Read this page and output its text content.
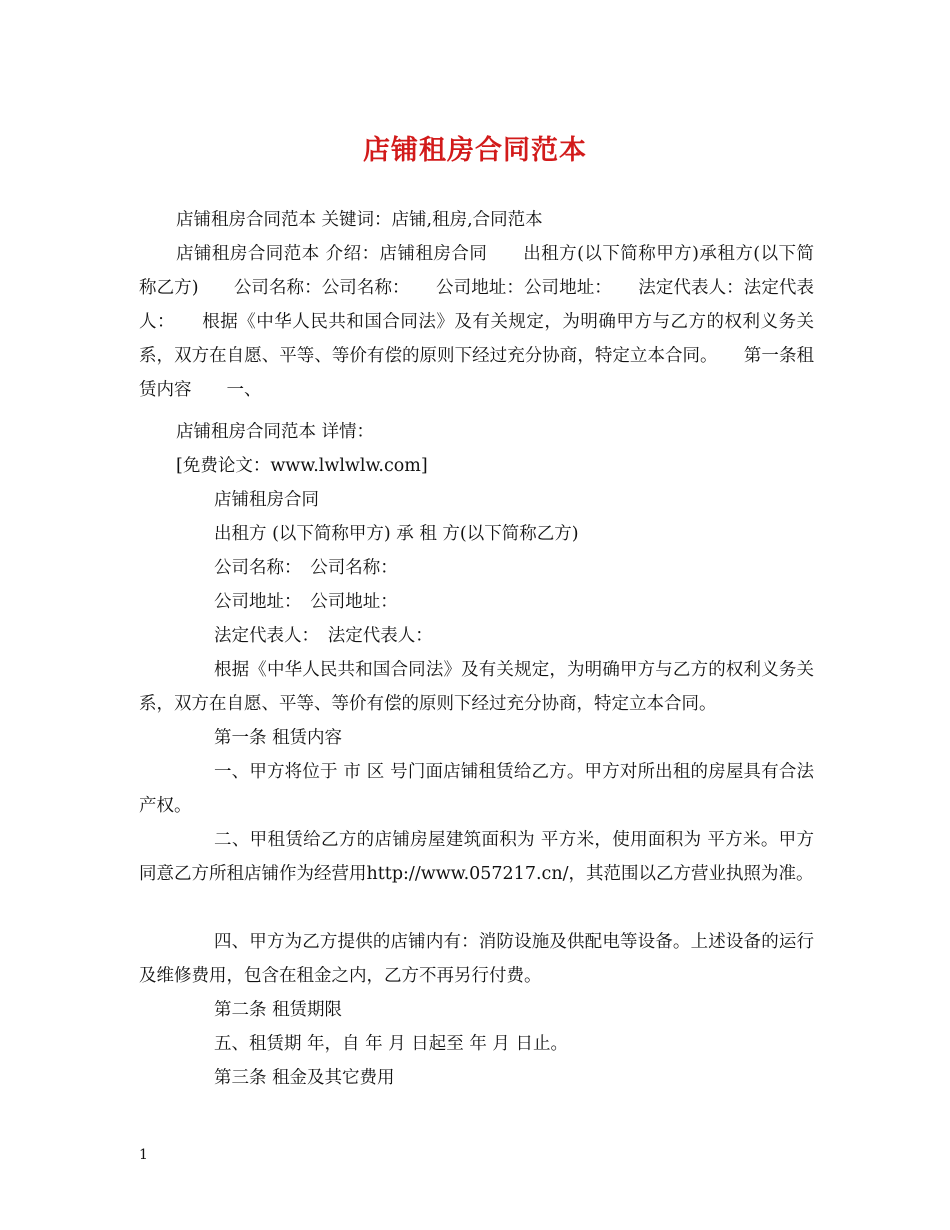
店铺租房合同范本
店铺租房合同范本 关键词：店铺,租房,合同范本
店铺租房合同范本 介绍：店铺租房合同　　出租方(以下简称甲方)承租方(以下简称乙方)　　公司名称：公司名称：　　公司地址：公司地址：　　法定代表人：法定代表人：　　根据《中华人民共和国合同法》及有关规定，为明确甲方与乙方的权利义务关系，双方在自愿、平等、等价有偿的原则下经过充分协商，特定立本合同。　　第一条租赁内容　　一、
店铺租房合同范本 详情：
[免费论文：www.lwlwlw.com]
店铺租房合同
出租方 (以下简称甲方) 承 租 方(以下简称乙方)
公司名称：　公司名称：
公司地址：　公司地址：
法定代表人：　法定代表人：
根据《中华人民共和国合同法》及有关规定，为明确甲方与乙方的权利义务关系，双方在自愿、平等、等价有偿的原则下经过充分协商，特定立本合同。
第一条 租赁内容
一、甲方将位于 市 区 号门面店铺租赁给乙方。甲方对所出租的房屋具有合法产权。
二、甲租赁给乙方的店铺房屋建筑面积为 平方米，使用面积为 平方米。甲方同意乙方所租店铺作为经营用http://www.057217.cn/，其范围以乙方营业执照为准。
四、甲方为乙方提供的店铺内有：消防设施及供配电等设备。上述设备的运行及维修费用，包含在租金之内，乙方不再另行付费。
第二条 租赁期限
五、租赁期 年，自 年 月 日起至 年 月 日止。
第三条 租金及其它费用
1
